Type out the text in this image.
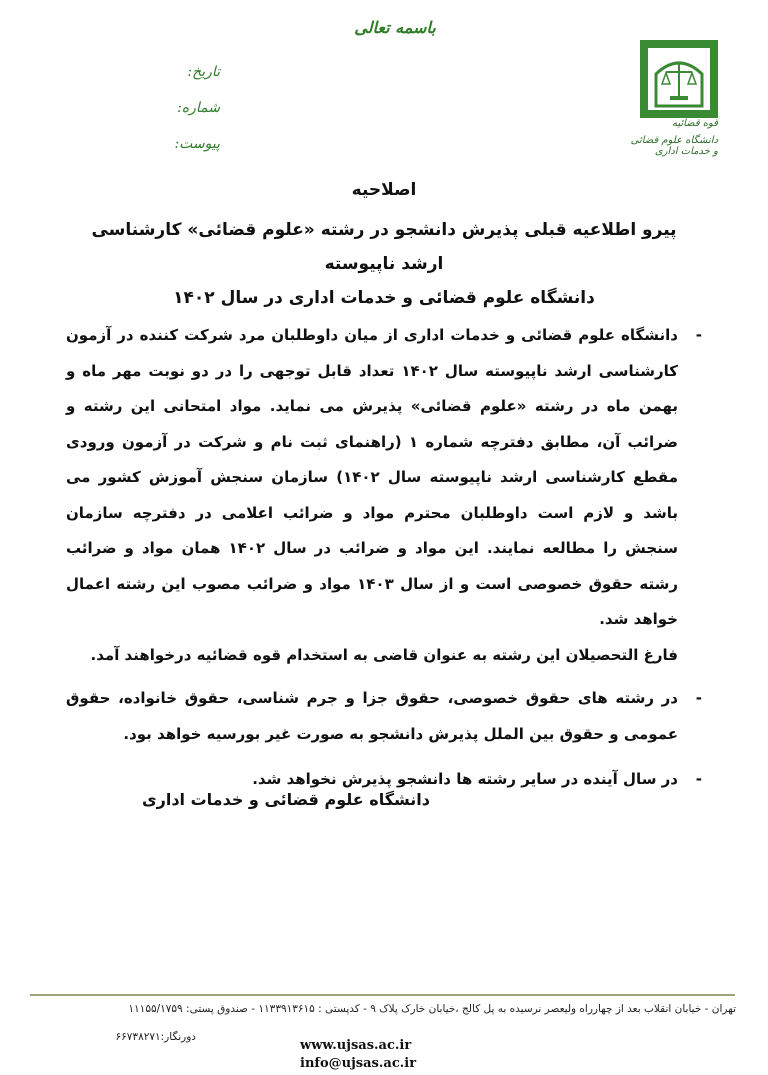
باسمه تعالی
قوه قضائیه
دانشگاه علوم قضائی و خدمات اداری
تاریخ:
شماره:
پیوست:
اصلاحیه
پیرو اطلاعیه قبلی پذیرش دانشجو در رشته «علوم قضائی» کارشناسی ارشد ناپیوسته
دانشگاه علوم قضائی و خدمات اداری در سال ۱۴۰۲
-
دانشگاه علوم قضائی و خدمات اداری از میان داوطلبان مرد شرکت کننده در آزمون کارشناسی ارشد ناپیوسته سال ۱۴۰۲ تعداد قابل توجهی را در دو نوبت مهر ماه و بهمن ماه در رشته «علوم قضائی» پذیرش می نماید. مواد امتحانی این رشته و ضرائب آن، مطابق دفترچه شماره ۱ (راهنمای ثبت نام و شرکت در آزمون ورودی مقطع کارشناسی ارشد ناپیوسته سال ۱۴۰۲) سازمان سنجش آموزش کشور می باشد و لازم است داوطلبان محترم مواد و ضرائب اعلامی در دفترچه سازمان سنجش را مطالعه نمایند. این مواد و ضرائب در سال ۱۴۰۲ همان مواد و ضرائب رشته حقوق خصوصی است و از سال ۱۴۰۳ مواد و ضرائب مصوب این رشته اعمال خواهد شد.
فارغ التحصیلان این رشته به عنوان قاضی به استخدام قوه قضائیه درخواهند آمد.
-
در رشته های حقوق خصوصی، حقوق جزا و جرم شناسی، حقوق خانواده، حقوق عمومی و حقوق بین الملل پذیرش دانشجو به صورت غیر بورسیه خواهد بود.
-
در سال آینده در سایر رشته ها دانشجو پذیرش نخواهد شد.
دانشگاه علوم قضائی و خدمات اداری
تهران - خیابان انقلاب بعد از چهارراه ولیعصر نرسیده به پل کالج ،خیابان خارک پلاک ۹ - کدپستی : ۱۱۳۳۹۱۳۶۱۵ - صندوق پستی: ۱۱۱۵۵/۱۷۵۹
دورنگار:۶۶۷۳۸۲۷۱
www.ujsas.ac.ir
info@ujsas.ac.ir
